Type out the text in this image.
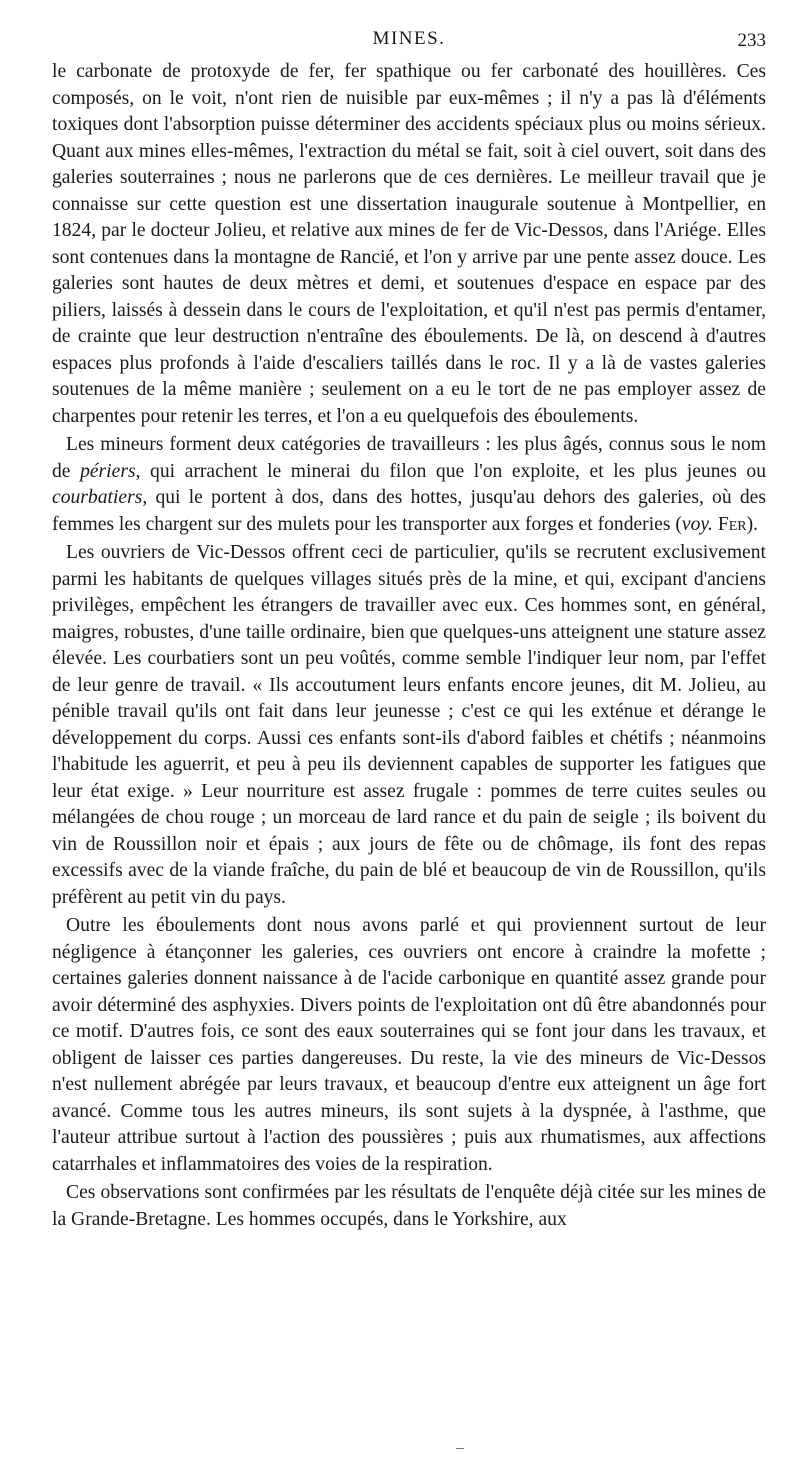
MINES.	233

le carbonate de protoxyde de fer, fer spathique ou fer carbonaté des houillères. Ces composés, on le voit, n'ont rien de nuisible par eux-mêmes ; il n'y a pas là d'éléments toxiques dont l'absorption puisse déterminer des accidents spéciaux plus ou moins sérieux. Quant aux mines elles-mêmes, l'extraction du métal se fait, soit à ciel ouvert, soit dans des galeries souterraines ; nous ne parlerons que de ces dernières. Le meilleur travail que je connaisse sur cette question est une dissertation inaugurale soutenue à Montpellier, en 1824, par le docteur Jolieu, et relative aux mines de fer de Vic-Dessos, dans l'Ariége. Elles sont contenues dans la montagne de Rancié, et l'on y arrive par une pente assez douce. Les galeries sont hautes de deux mètres et demi, et soutenues d'espace en espace par des piliers, laissés à dessein dans le cours de l'exploitation, et qu'il n'est pas permis d'entamer, de crainte que leur destruction n'entraîne des éboulements. De là, on descend à d'autres espaces plus profonds à l'aide d'escaliers taillés dans le roc. Il y a là de vastes galeries soutenues de la même manière ; seulement on a eu le tort de ne pas employer assez de charpentes pour retenir les terres, et l'on a eu quelquefois des éboulements.

Les mineurs forment deux catégories de travailleurs : les plus âgés, connus sous le nom de périers, qui arrachent le minerai du filon que l'on exploite, et les plus jeunes ou courbatiers, qui le portent à dos, dans des hottes, jusqu'au dehors des galeries, où des femmes les chargent sur des mulets pour les transporter aux forges et fonderies (voy. Fer).

Les ouvriers de Vic-Dessos offrent ceci de particulier, qu'ils se recrutent exclusivement parmi les habitants de quelques villages situés près de la mine, et qui, excipant d'anciens privilèges, empêchent les étrangers de travailler avec eux. Ces hommes sont, en général, maigres, robustes, d'une taille ordinaire, bien que quelques-uns atteignent une stature assez élevée. Les courbatiers sont un peu voûtés, comme semble l'indiquer leur nom, par l'effet de leur genre de travail. « Ils accoutument leurs enfants encore jeunes, dit M. Jolieu, au pénible travail qu'ils ont fait dans leur jeunesse ; c'est ce qui les exténue et dérange le développement du corps. Aussi ces enfants sont-ils d'abord faibles et chétifs ; néanmoins l'habitude les aguerrit, et peu à peu ils deviennent capables de supporter les fatigues que leur état exige. » Leur nourriture est assez frugale : pommes de terre cuites seules ou mélangées de chou rouge ; un morceau de lard rance et du pain de seigle ; ils boivent du vin de Roussillon noir et épais ; aux jours de fête ou de chômage, ils font des repas excessifs avec de la viande fraîche, du pain de blé et beaucoup de vin de Roussillon, qu'ils préfèrent au petit vin du pays.

Outre les éboulements dont nous avons parlé et qui proviennent surtout de leur négligence à étançonner les galeries, ces ouvriers ont encore à craindre la mofette ; certaines galeries donnent naissance à de l'acide carbonique en quantité assez grande pour avoir déterminé des asphyxies. Divers points de l'exploitation ont dû être abandonnés pour ce motif. D'autres fois, ce sont des eaux souterraines qui se font jour dans les travaux, et obligent de laisser ces parties dangereuses. Du reste, la vie des mineurs de Vic-Dessos n'est nullement abrégée par leurs travaux, et beaucoup d'entre eux atteignent un âge fort avancé. Comme tous les autres mineurs, ils sont sujets à la dyspnée, à l'asthme, que l'auteur attribue surtout à l'action des poussières ; puis aux rhumatismes, aux affections catarrhales et inflammatoires des voies de la respiration.

Ces observations sont confirmées par les résultats de l'enquête déjà citée sur les mines de la Grande-Bretagne. Les hommes occupés, dans le Yorkshire, aux
